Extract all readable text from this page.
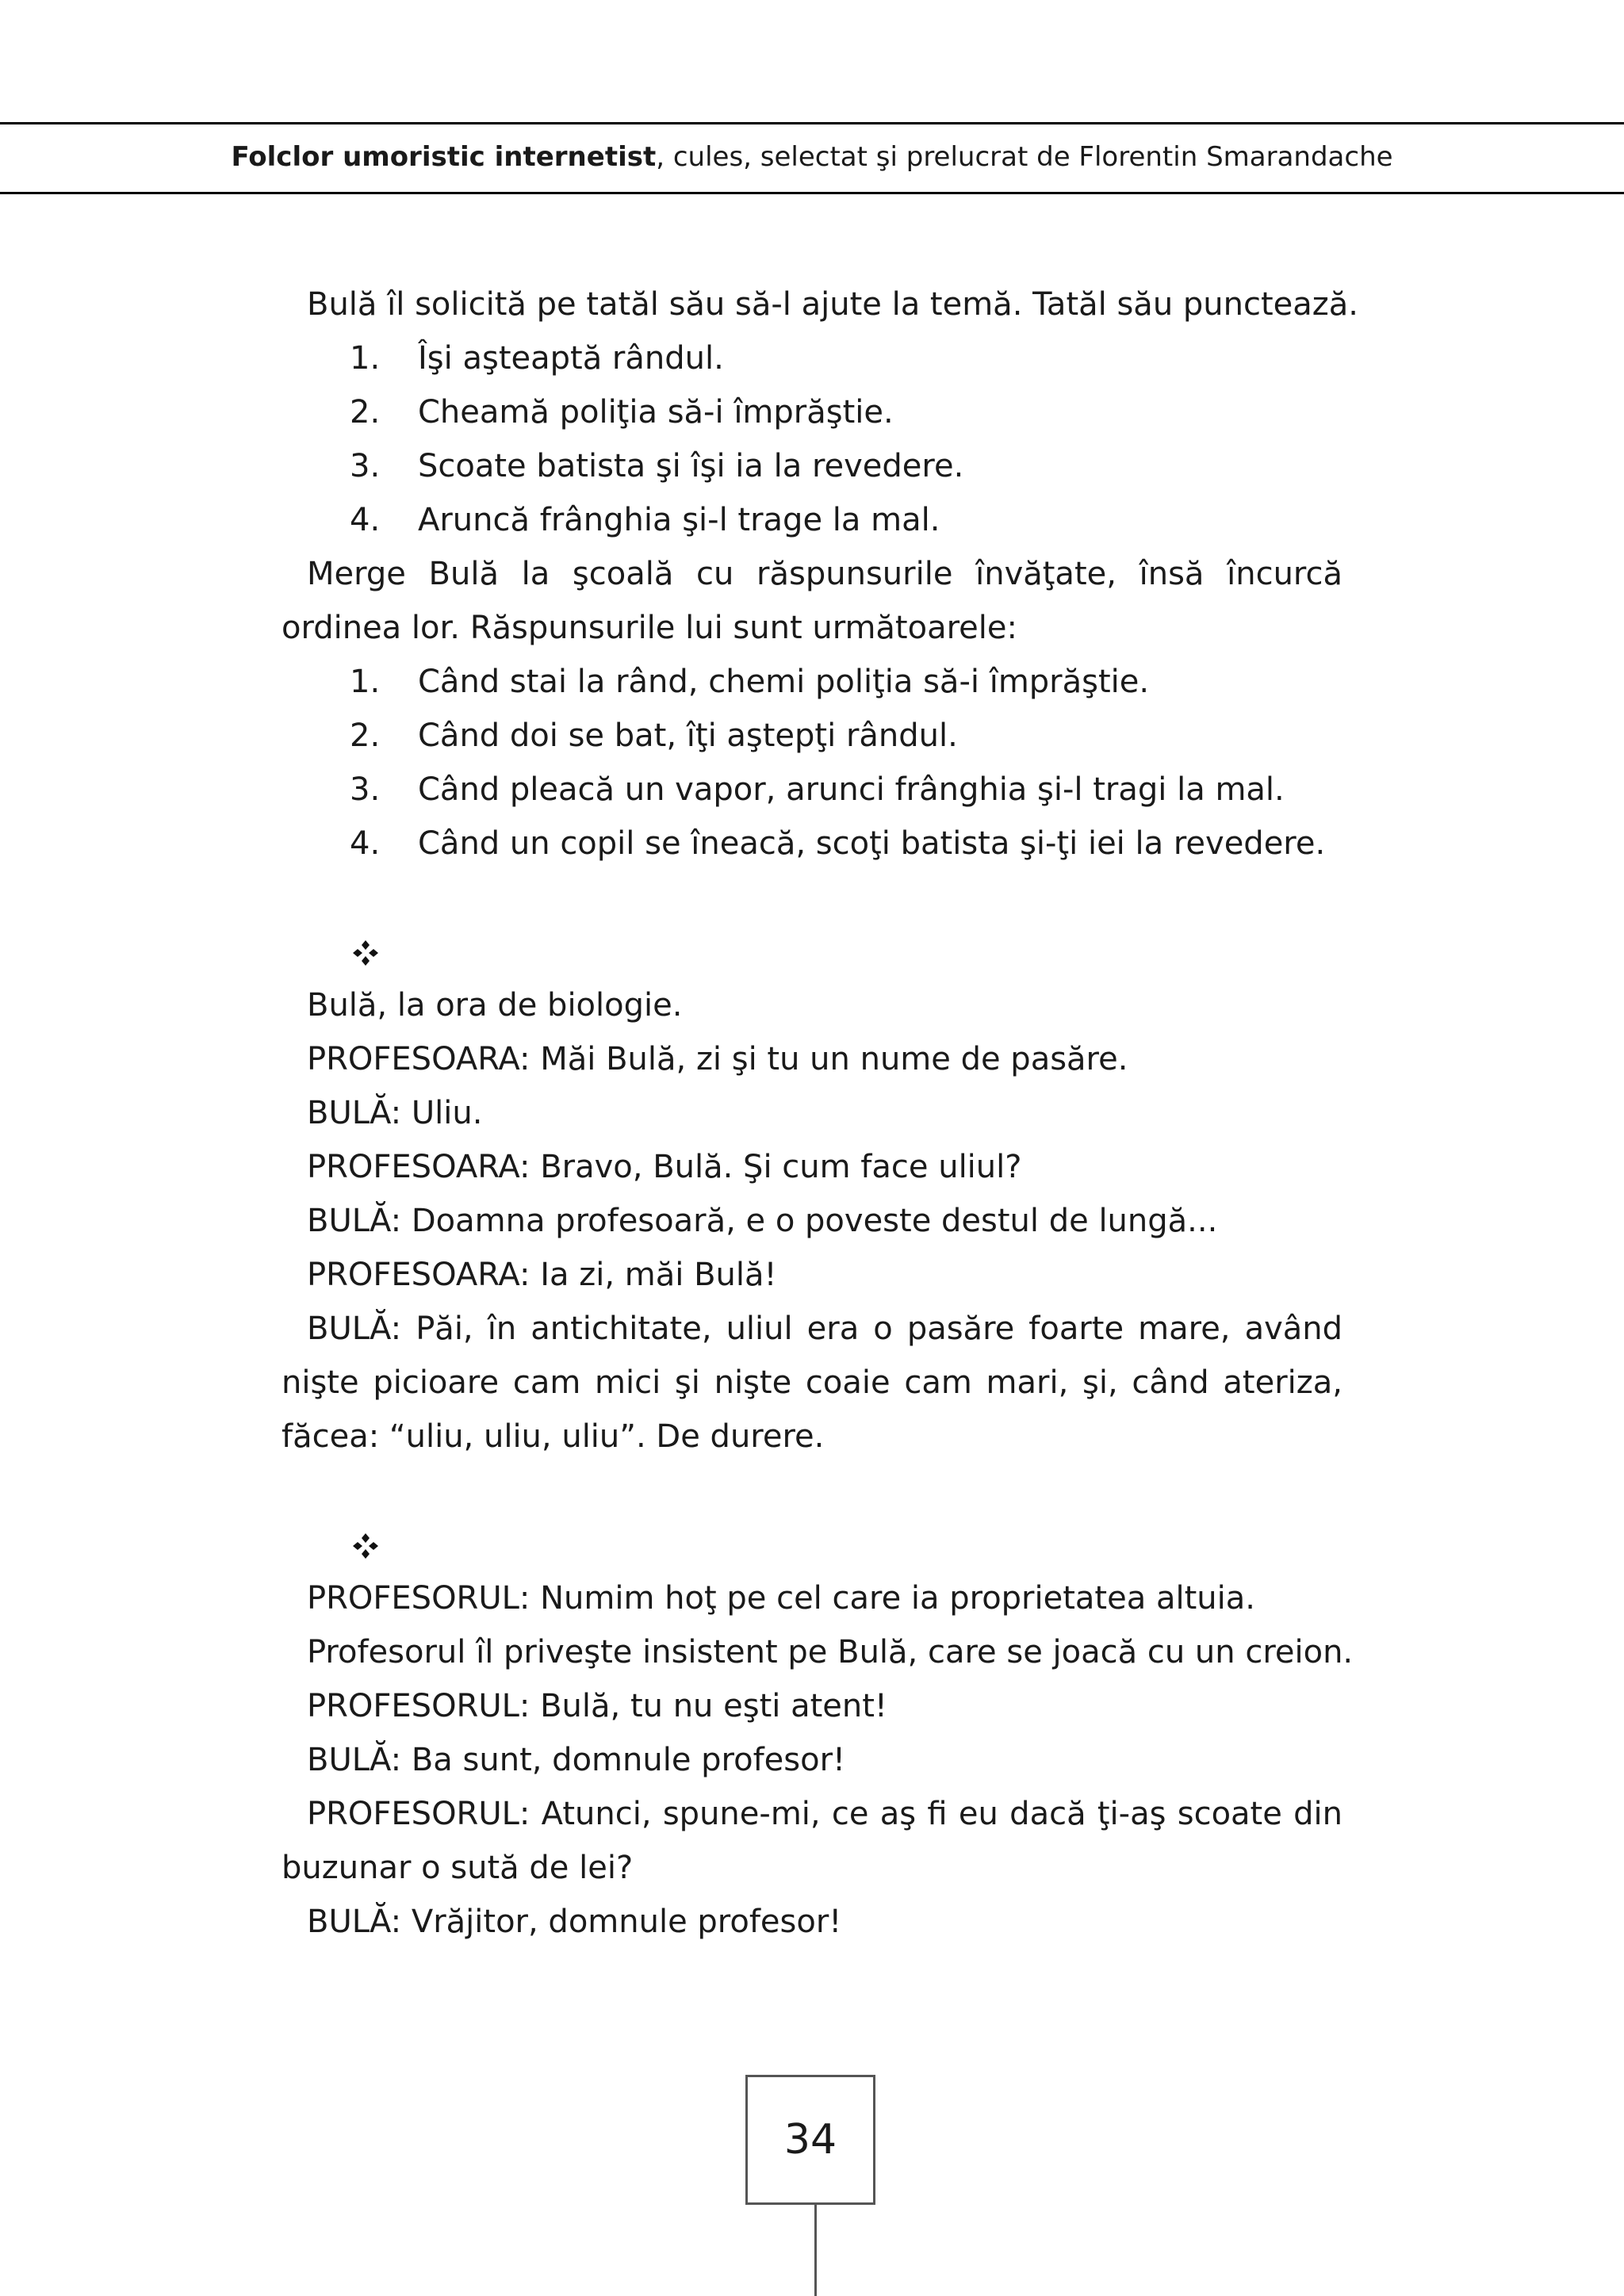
Folclor umoristic internetist, cules, selectat şi prelucrat de Florentin Smarandache
Bulă îl solicită pe tatăl său să-l ajute la temă. Tatăl său punctează.
1. Îşi aşteaptă rândul.
2. Cheamă poliţia să-i împrăştie.
3. Scoate batista şi îşi ia la revedere.
4. Aruncă frânghia şi-l trage la mal.
Merge Bulă la şcoală cu răspunsurile învăţate, însă încurcă ordinea lor. Răspunsurile lui sunt următoarele:
1. Când stai la rând, chemi poliţia să-i împrăştie.
2. Când doi se bat, îţi aştepţi rândul.
3. Când pleacă un vapor, arunci frânghia şi-l tragi la mal.
4. Când un copil se îneacă, scoţi batista şi-ţi iei la revedere.
Bulă, la ora de biologie.
PROFESOARA: Măi Bulă, zi şi tu un nume de pasăre.
BULĂ: Uliu.
PROFESOARA: Bravo, Bulă. Şi cum face uliul?
BULĂ: Doamna profesoară, e o poveste destul de lungă...
PROFESOARA: Ia zi, măi Bulă!
BULĂ: Păi, în antichitate, uliul era o pasăre foarte mare, având nişte picioare cam mici şi nişte coaie cam mari, şi, când ateriza, făcea: “uliu, uliu, uliu”. De durere.
PROFESORUL: Numim hoţ pe cel care ia proprietatea altuia.
Profesorul îl priveşte insistent pe Bulă, care se joacă cu un creion.
PROFESORUL: Bulă, tu nu eşti atent!
BULĂ: Ba sunt, domnule profesor!
PROFESORUL: Atunci, spune-mi, ce aş fi eu dacă ţi-aş scoate din buzunar o sută de lei?
BULĂ: Vrăjitor, domnule profesor!
34
